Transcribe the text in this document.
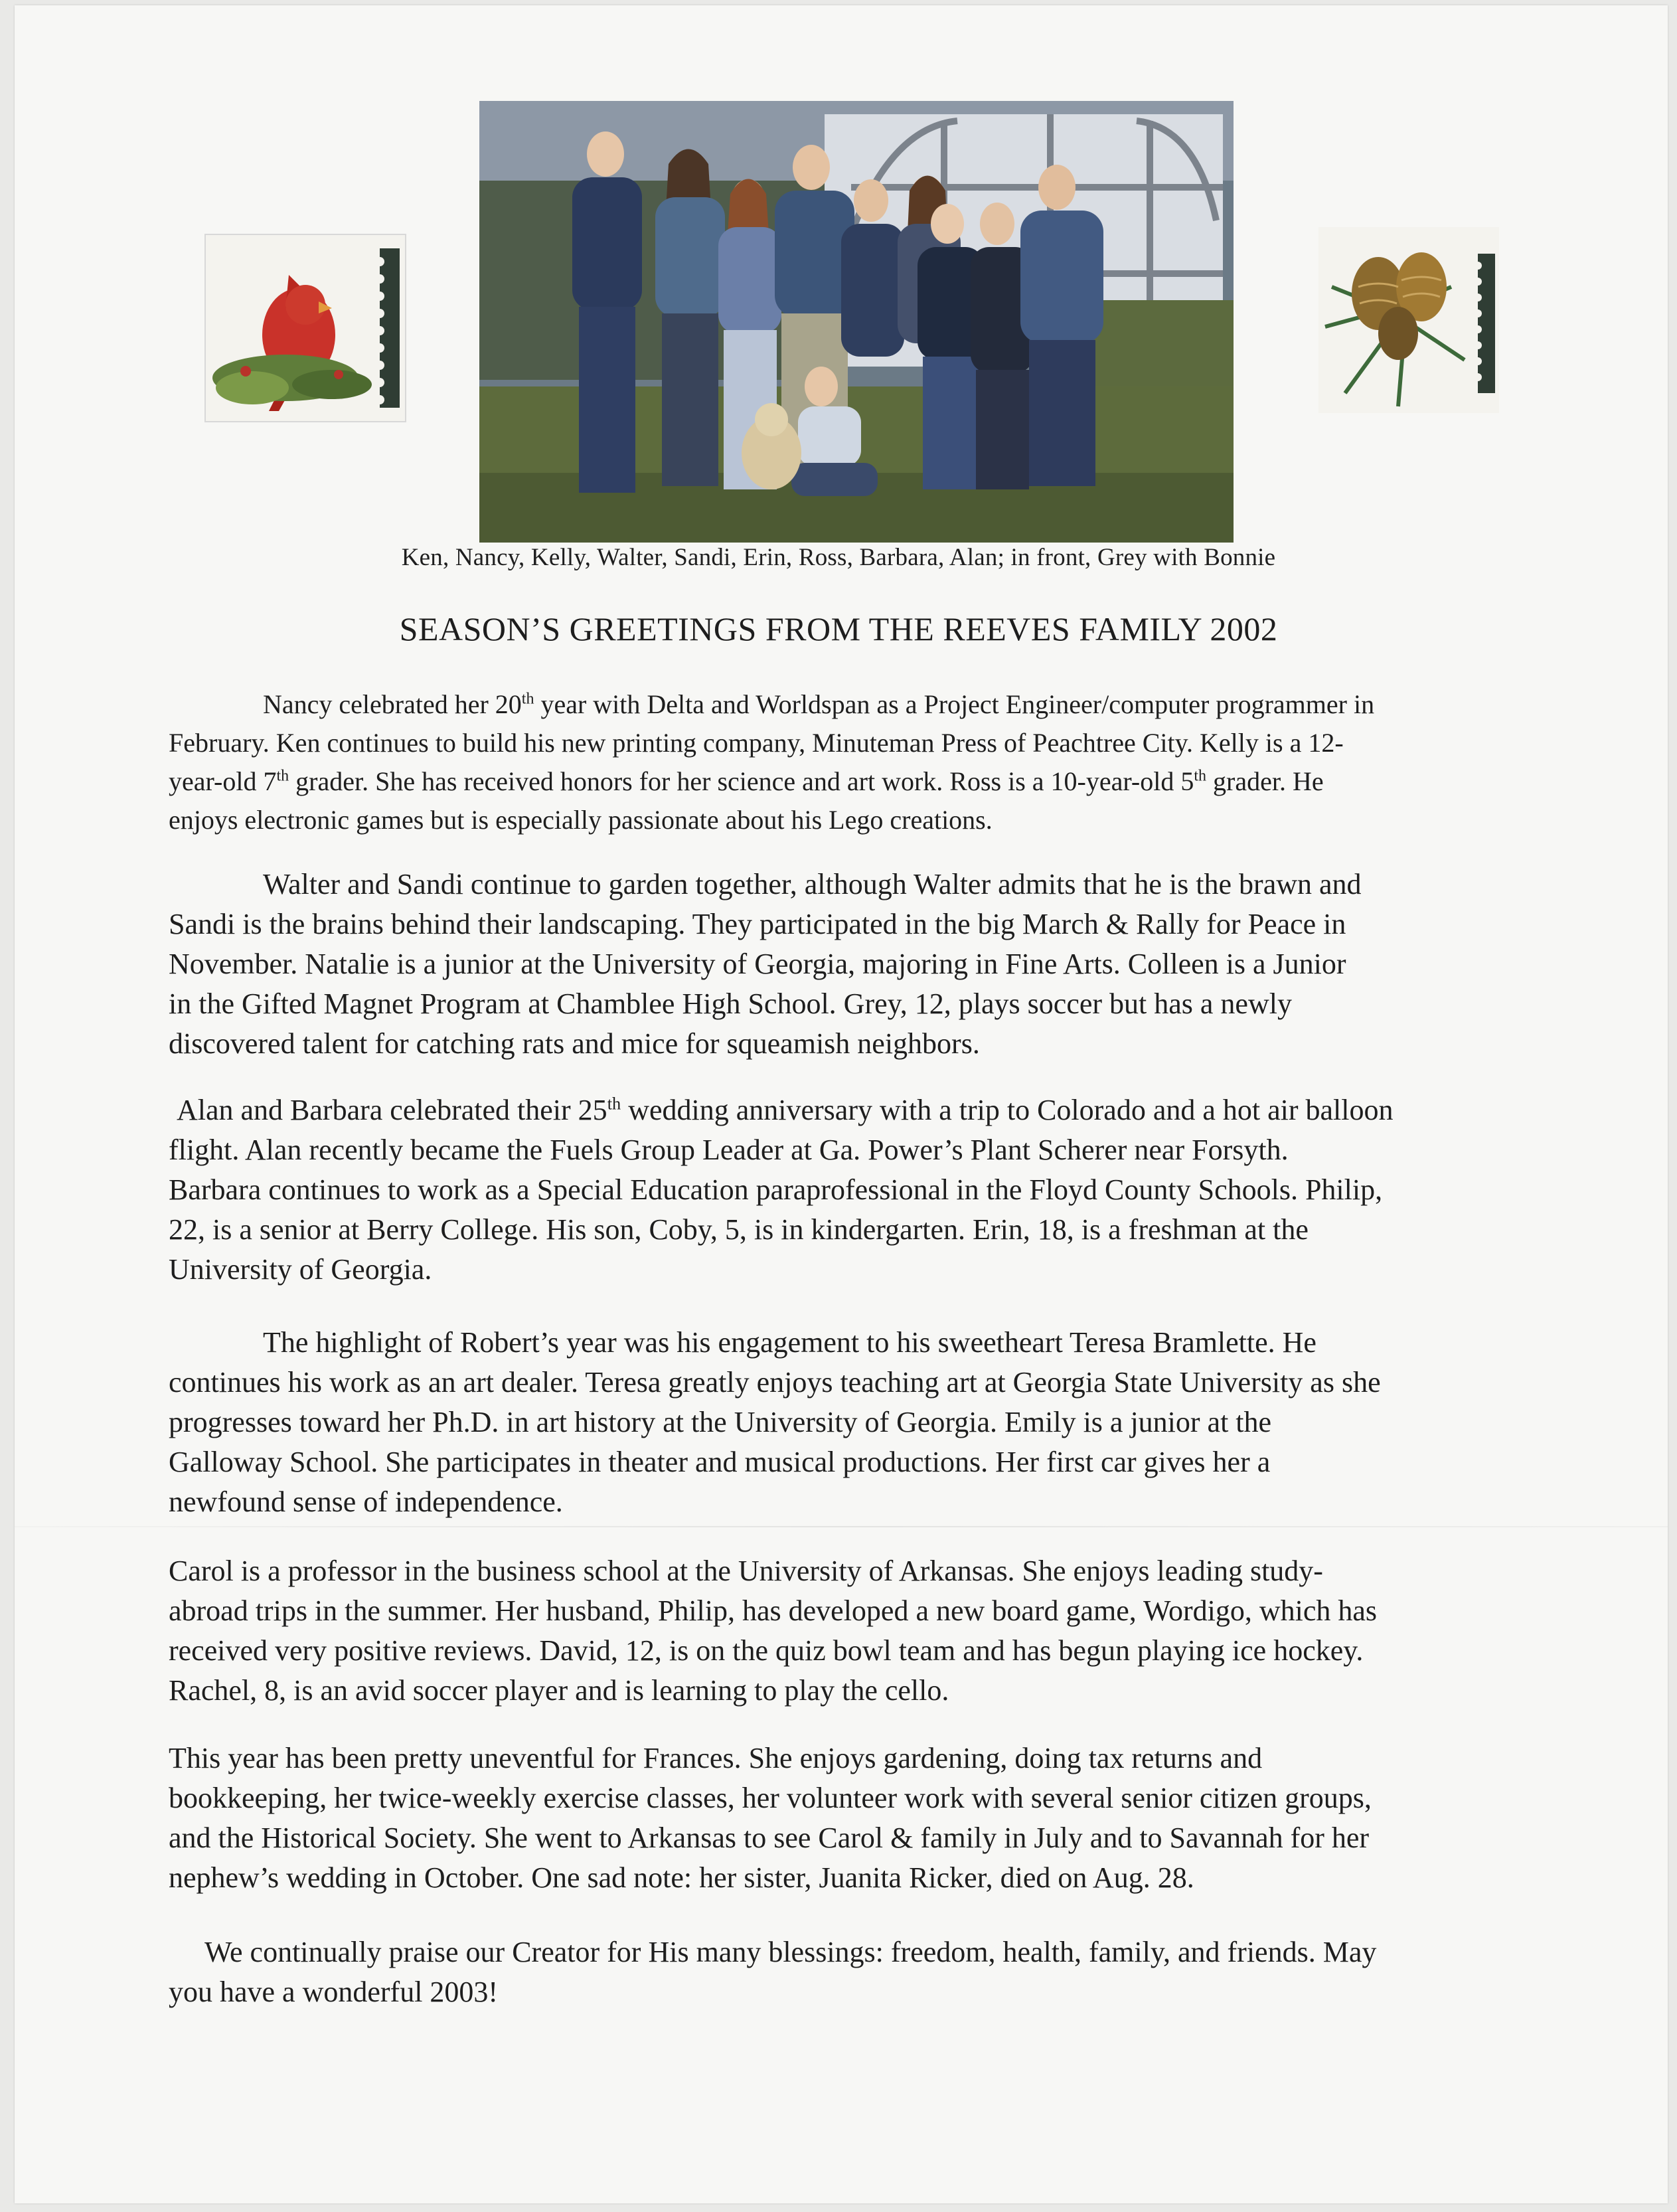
Ken, Nancy, Kelly, Walter, Sandi, Erin, Ross, Barbara, Alan; in front, Grey with Bonnie
SEASON’S GREETINGS FROM THE REEVES FAMILY 2002
Nancy celebrated her 20th year with Delta and Worldspan as a Project Engineer/computer programmer in
February. Ken continues to build his new printing company, Minuteman Press of Peachtree City. Kelly is a 12-
year-old 7th grader. She has received honors for her science and art work. Ross is a 10-year-old 5th grader. He
enjoys electronic games but is especially passionate about his Lego creations.
Walter and Sandi continue to garden together, although Walter admits that he is the brawn and
Sandi is the brains behind their landscaping. They participated in the big March & Rally for Peace in
November. Natalie is a junior at the University of Georgia, majoring in Fine Arts. Colleen is a Junior
in the Gifted Magnet Program at Chamblee High School. Grey, 12, plays soccer but has a newly
discovered talent for catching rats and mice for squeamish neighbors.
Alan and Barbara celebrated their 25th wedding anniversary with a trip to Colorado and a hot air balloon
flight. Alan recently became the Fuels Group Leader at Ga. Power’s Plant Scherer near Forsyth.
Barbara continues to work as a Special Education paraprofessional in the Floyd County Schools. Philip,
22, is a senior at Berry College. His son, Coby, 5, is in kindergarten. Erin, 18, is a freshman at the
University of Georgia.
The highlight of Robert’s year was his engagement to his sweetheart Teresa Bramlette. He
continues his work as an art dealer. Teresa greatly enjoys teaching art at Georgia State University as she
progresses toward her Ph.D. in art history at the University of Georgia. Emily is a junior at the
Galloway School. She participates in theater and musical productions. Her first car gives her a
newfound sense of independence.
Carol is a professor in the business school at the University of Arkansas. She enjoys leading study-
abroad trips in the summer. Her husband, Philip, has developed a new board game, Wordigo, which has
received very positive reviews. David, 12, is on the quiz bowl team and has begun playing ice hockey.
Rachel, 8, is an avid soccer player and is learning to play the cello.
This year has been pretty uneventful for Frances. She enjoys gardening, doing tax returns and
bookkeeping, her twice-weekly exercise classes, her volunteer work with several senior citizen groups,
and the Historical Society. She went to Arkansas to see Carol & family in July and to Savannah for her
nephew’s wedding in October. One sad note: her sister, Juanita Ricker, died on Aug. 28.
We continually praise our Creator for His many blessings: freedom, health, family, and friends. May
you have a wonderful 2003!
